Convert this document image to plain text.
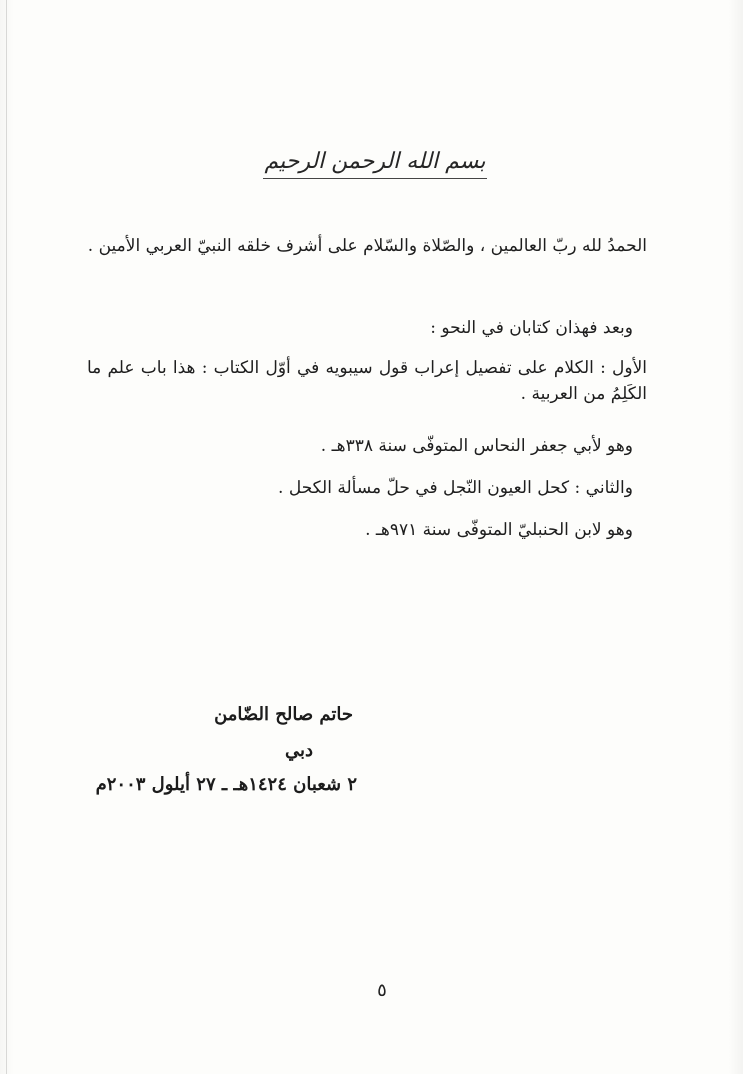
بسم الله الرحمن الرحيم
الحمدُ لله ربّ العالمين ، والصّلاة والسّلام على أشرف خلقه النبيّ العربي الأمين .
وبعد فهذان كتابان في النحو :
الأول : الكلام على تفصيل إعراب قول سيبويه في أوّل الكتاب : هذا باب علم ما الكَلِمُ من العربية .
وهو لأبي جعفر النحاس المتوفّى سنة ٣٣٨هـ .
والثاني : كحل العيون النّجل في حلّ مسألة الكحل .
وهو لابن الحنبليّ المتوفّى سنة ٩٧١هـ .
حاتم صالح الضّامن
دبي
٢ شعبان ١٤٢٤هـ ـ ٢٧ أيلول ٢٠٠٣م
٥
